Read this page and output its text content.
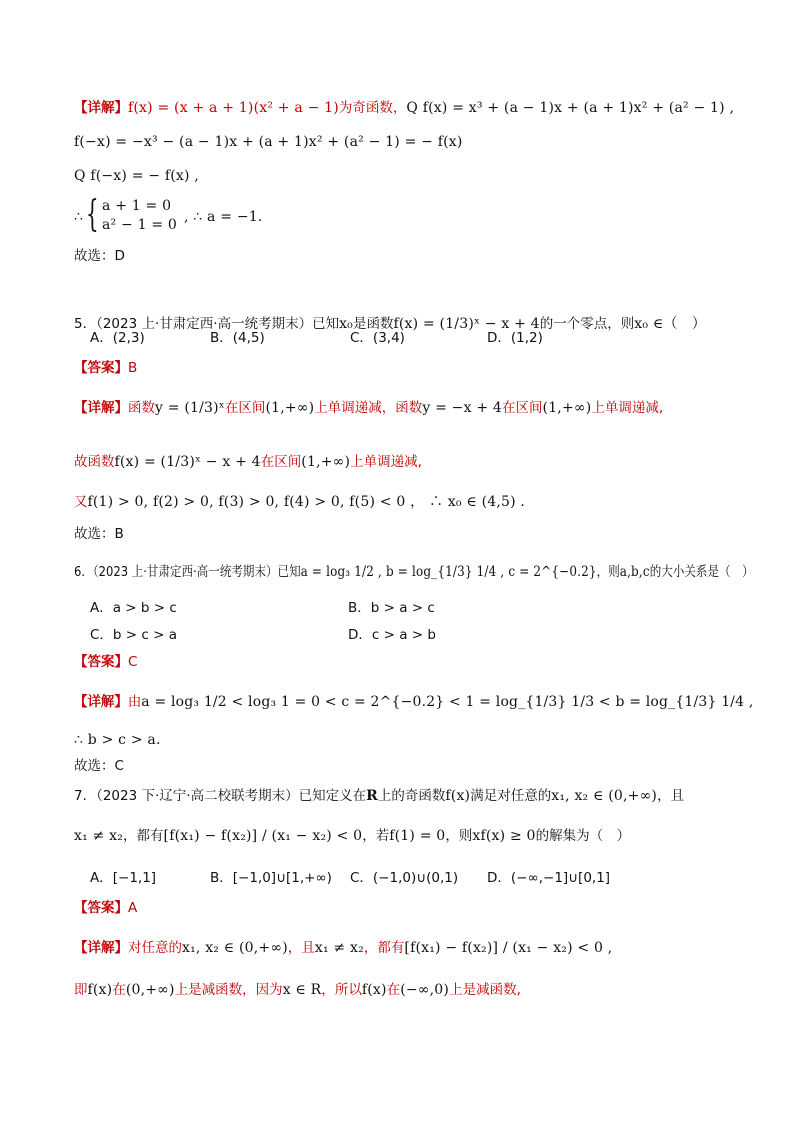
【详解】f(x) = (x + a + 1)(x² + a − 1)为奇函数，Q f(x) = x³ + (a − 1)x + (a + 1)x² + (a² − 1) ,
f(−x) = −x³ − (a − 1)x + (a + 1)x² + (a² − 1) = − f(x)
Q f(−x) = − f(x) ,
∴ { a + 1 = 0
a² − 1 = 0 , ∴ a = −1.
故选：D
5．（2023 上·甘肃定西·高一统考期末）已知x₀是函数f(x) = (1/3)ˣ − x + 4的一个零点，则x₀ ∈（　）
A．(2,3)	B．(4,5)	C．(3,4)	D．(1,2)
【答案】B
【详解】函数y = (1/3)ˣ在区间(1,+∞)上单调递减，函数y = −x + 4在区间(1,+∞)上单调递减,
故函数f(x) = (1/3)ˣ − x + 4在区间(1,+∞)上单调递减,
又f(1) > 0, f(2) > 0, f(3) > 0, f(4) > 0, f(5) < 0 ， ∴ x₀ ∈ (4,5) .
故选：B
6．（2023 上·甘肃定西·高一统考期末）已知a = log₃ 1/2 , b = log_{1/3} 1/4 , c = 2^{−0.2}，则a,b,c的大小关系是（　）
A．a > b > c	B．b > a > c
C．b > c > a	D．c > a > b
【答案】C
【详解】由a = log₃ 1/2 < log₃ 1 = 0 < c = 2^{−0.2} < 1 = log_{1/3} 1/3 < b = log_{1/3} 1/4 ,
∴ b > c > a.
故选：C
7．（2023 下·辽宁·高二校联考期末）已知定义在R上的奇函数f(x)满足对任意的x₁, x₂ ∈ (0,+∞)，且
x₁ ≠ x₂，都有[f(x₁) − f(x₂)] / (x₁ − x₂) < 0，若f(1) = 0，则xf(x) ≥ 0的解集为（　）
A．[−1,1]	B．[−1,0]∪[1,+∞) C．(−1,0)∪(0,1) D．(−∞,−1]∪[0,1]
【答案】A
【详解】对任意的x₁, x₂ ∈ (0,+∞)，且x₁ ≠ x₂，都有[f(x₁) − f(x₂)] / (x₁ − x₂) < 0 ,
即f(x)在(0,+∞)上是减函数，因为x ∈ R，所以f(x)在(−∞,0)上是减函数,
